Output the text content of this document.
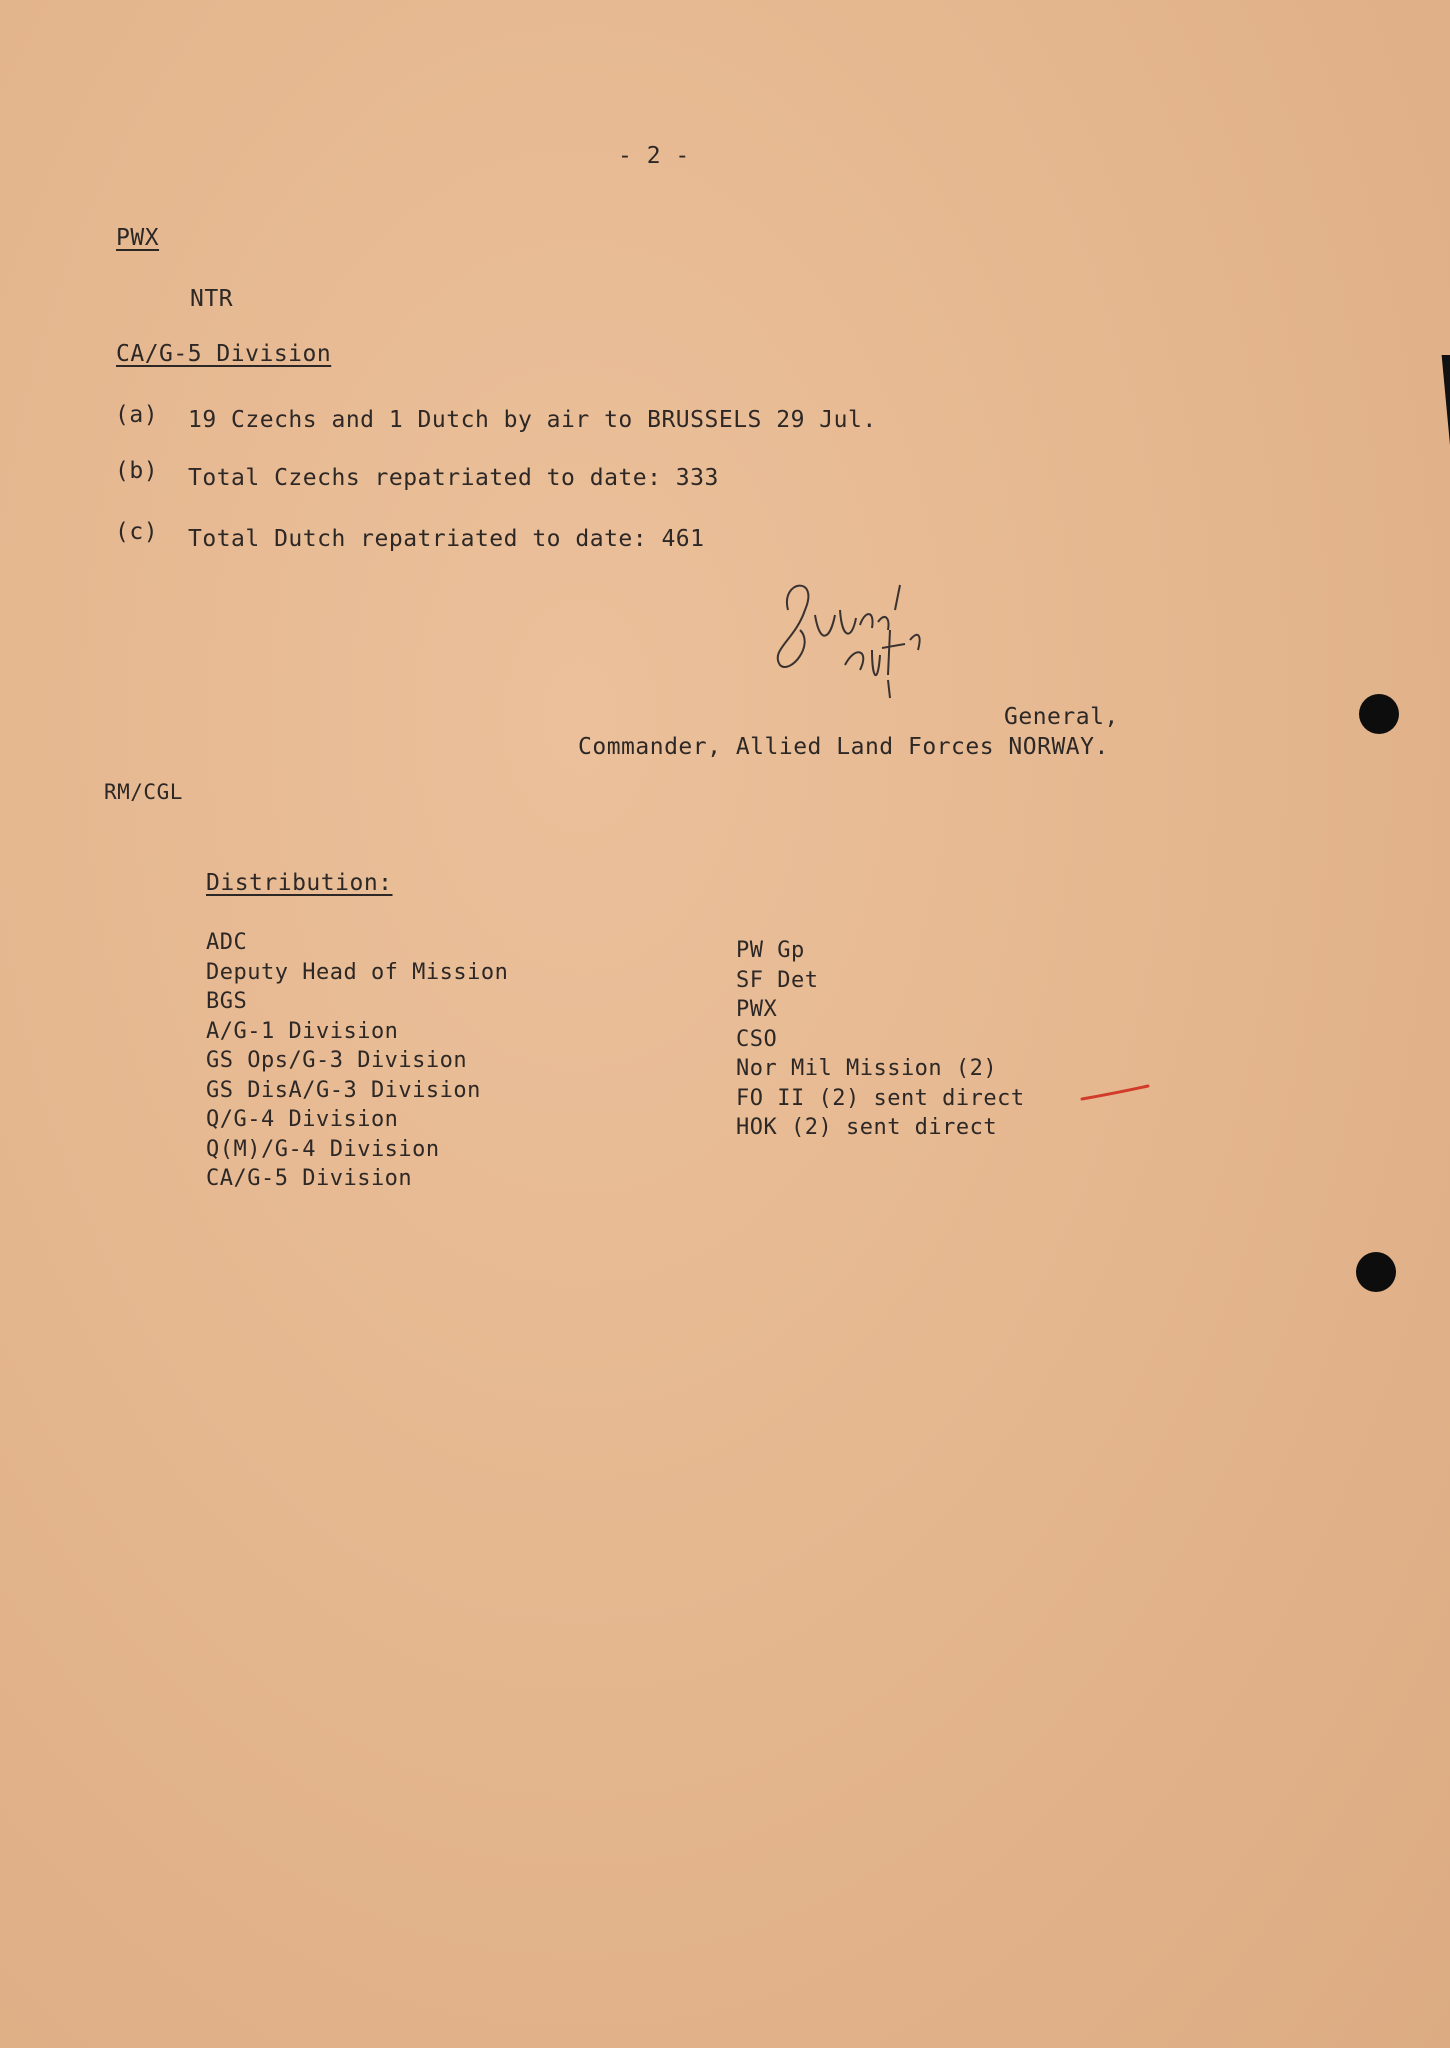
- 2 -
PWX
NTR
CA/G-5 Division
(a) 19 Czechs and 1 Dutch by air to BRUSSELS 29 Jul.
(b) Total Czechs repatriated to date: 333
(c) Total Dutch repatriated to date: 461
General,
Commander, Allied Land Forces NORWAY.
RM/CGL
Distribution:
ADC
Deputy Head of Mission
BGS
A/G-1 Division
GS Ops/G-3 Division
GS DisA/G-3 Division
Q/G-4 Division
Q(M)/G-4 Division
CA/G-5 Division
PW Gp
SF Det
PWX
CSO
Nor Mil Mission (2)
FO II (2) sent direct
HOK (2) sent direct
